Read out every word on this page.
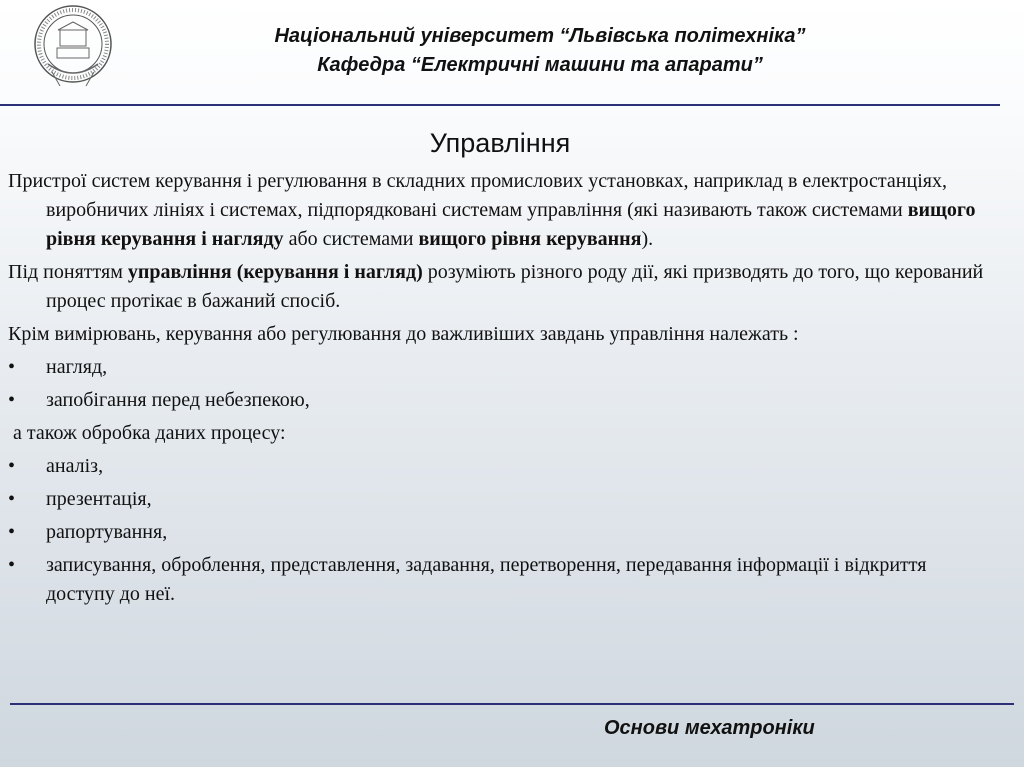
Національний університет “Львівська політехніка”
Кафедра “Електричні машини та апарати”
Управління

Пристрої систем керування і регулювання в складних промислових установках, наприклад в електростанціях, виробничих лініях і системах, підпорядковані системам управління (які називають також системами вищого рівня керування і нагляду або системами вищого рівня керування).

Під поняттям управління (керування і нагляд) розуміють різного роду дії, які призводять до того, що керований процес протікає в бажаний спосіб.

Крім вимірювань, керування або регулювання до важливіших завдань управління належать :

•	нагляд,
•	запобігання перед небезпекою,

а також обробка даних процесу:

•	аналіз,
•	презентація,
•	рапортування,
•	записування, оброблення, представлення, задавання, перетворення, передавання інформації і відкриття доступу до неї.
Основи мехатроніки
